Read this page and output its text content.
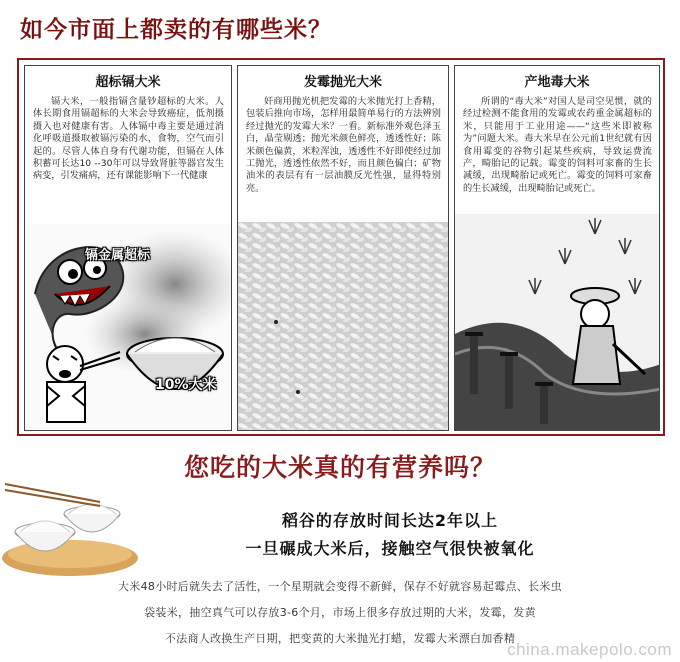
如今市面上都卖的有哪些米？
超标镉大米
镉大米，一般指镉含量钞超标的大米。人体长期食用镉超标的大米会导致癌症，低剂摄摄入也对健康有害。人体镉中毒主要是通过消化呼吸道摄取被镉污染的水，食物，空气而引起的。尽管人体自身有代谢功能，但镉在人体积蓄可长达10 --30年可以导致肾脏等器官发生病变，引发痛病，还有课能影响下一代健康
镉金属超标
10%大米
发霉抛光大米
奸商用抛光机把发霉的大米抛光打上香精，包装后推向市场，怎样用最简单易行的方法辨别经过抛光的发霉大米？一看。新标准外观色泽玉白，晶莹剔透；抛光米颜色鲜亮，透透性好；陈米颜色偏黄，米粒浑浊，透透性不好即使经过加工抛光，透透性依然不好，而且颜色偏白；矿物油米的表层有有一层油膜反光性强，显得特别亮。
产地毒大米
所谓的“毒大米”对国人是司空见惯，就的经过检测不能食用的发霉或农药重金属超标的米，只能用于工业用途——“这些米即被称为”问题大米。毒大米早在公元前1世纪就有因食用霉变的谷物引起某些疾病，导致运费流产，畸胎记的记载。霉变的饲料可家畜的生长减缓，出现畸胎记或死亡。霉变的饲料可家畜的生长减缓，出现畸胎记或死亡。
您吃的大米真的有营养吗？
稻谷的存放时间长达2年以上
一旦碾成大米后，接触空气很快被氧化
大米48小时后就失去了活性，一个星期就会变得不新鲜，保存不好就容易起霉点、长米虫
袋装米，抽空真气可以存放3-6个月，市场上很多存放过期的大米，发霉，发黄
不法商人改换生产日期，把变黄的大米抛光打蜡，发霉大米漂白加香精
china.makepolo.com
